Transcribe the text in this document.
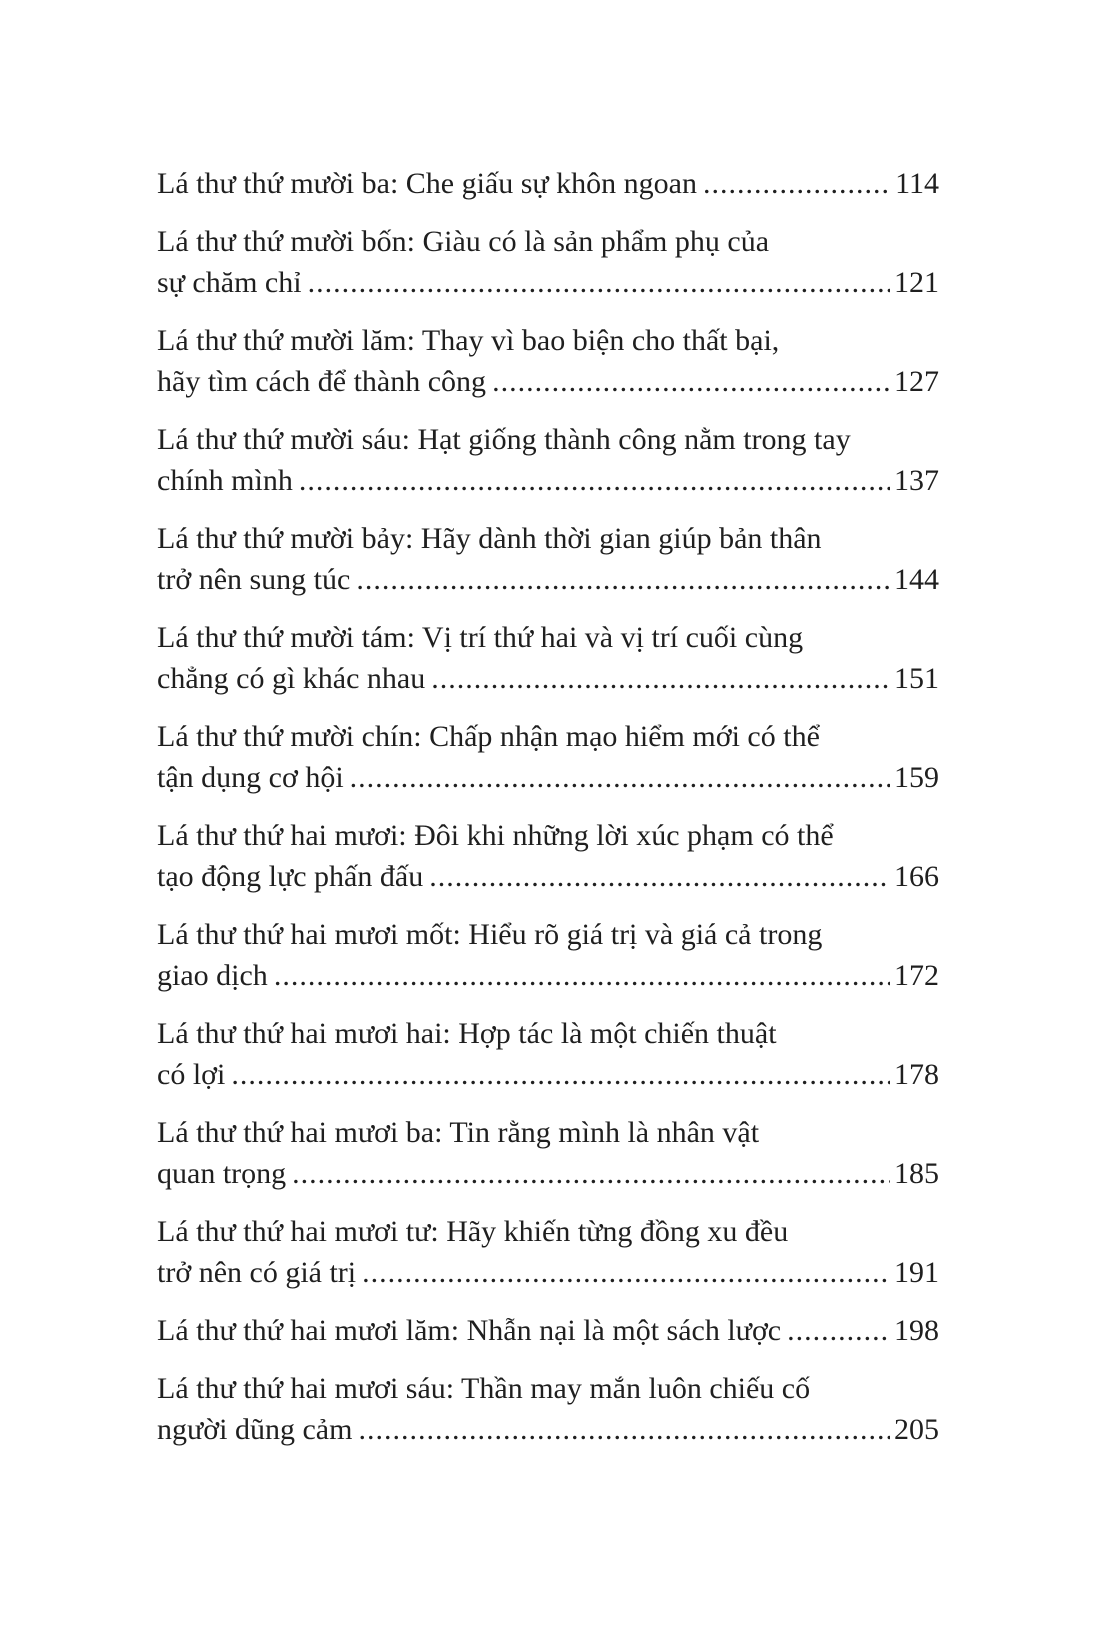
Lá thư thứ mười ba: Che giấu sự khôn ngoan .....	114
Lá thư thứ mười bốn: Giàu có là sản phẩm phụ của
sự chăm chỉ .....	121
Lá thư thứ mười lăm: Thay vì bao biện cho thất bại,
hãy tìm cách để thành công .....	127
Lá thư thứ mười sáu: Hạt giống thành công nằm trong tay
chính mình .....	137
Lá thư thứ mười bảy: Hãy dành thời gian giúp bản thân
trở nên sung túc .....	144
Lá thư thứ mười tám: Vị trí thứ hai và vị trí cuối cùng
chẳng có gì khác nhau .....	151
Lá thư thứ mười chín: Chấp nhận mạo hiểm mới có thể
tận dụng cơ hội .....	159
Lá thư thứ hai mươi: Đôi khi những lời xúc phạm có thể
tạo động lực phấn đấu .....	166
Lá thư thứ hai mươi mốt: Hiểu rõ giá trị và giá cả trong
giao dịch .....	172
Lá thư thứ hai mươi hai: Hợp tác là một chiến thuật
có lợi .....	178
Lá thư thứ hai mươi ba: Tin rằng mình là nhân vật
quan trọng .....	185
Lá thư thứ hai mươi tư: Hãy khiến từng đồng xu đều
trở nên có giá trị .....	191
Lá thư thứ hai mươi lăm: Nhẫn nại là một sách lược .....	198
Lá thư thứ hai mươi sáu: Thần may mắn luôn chiếu cố
người dũng cảm .....	205
